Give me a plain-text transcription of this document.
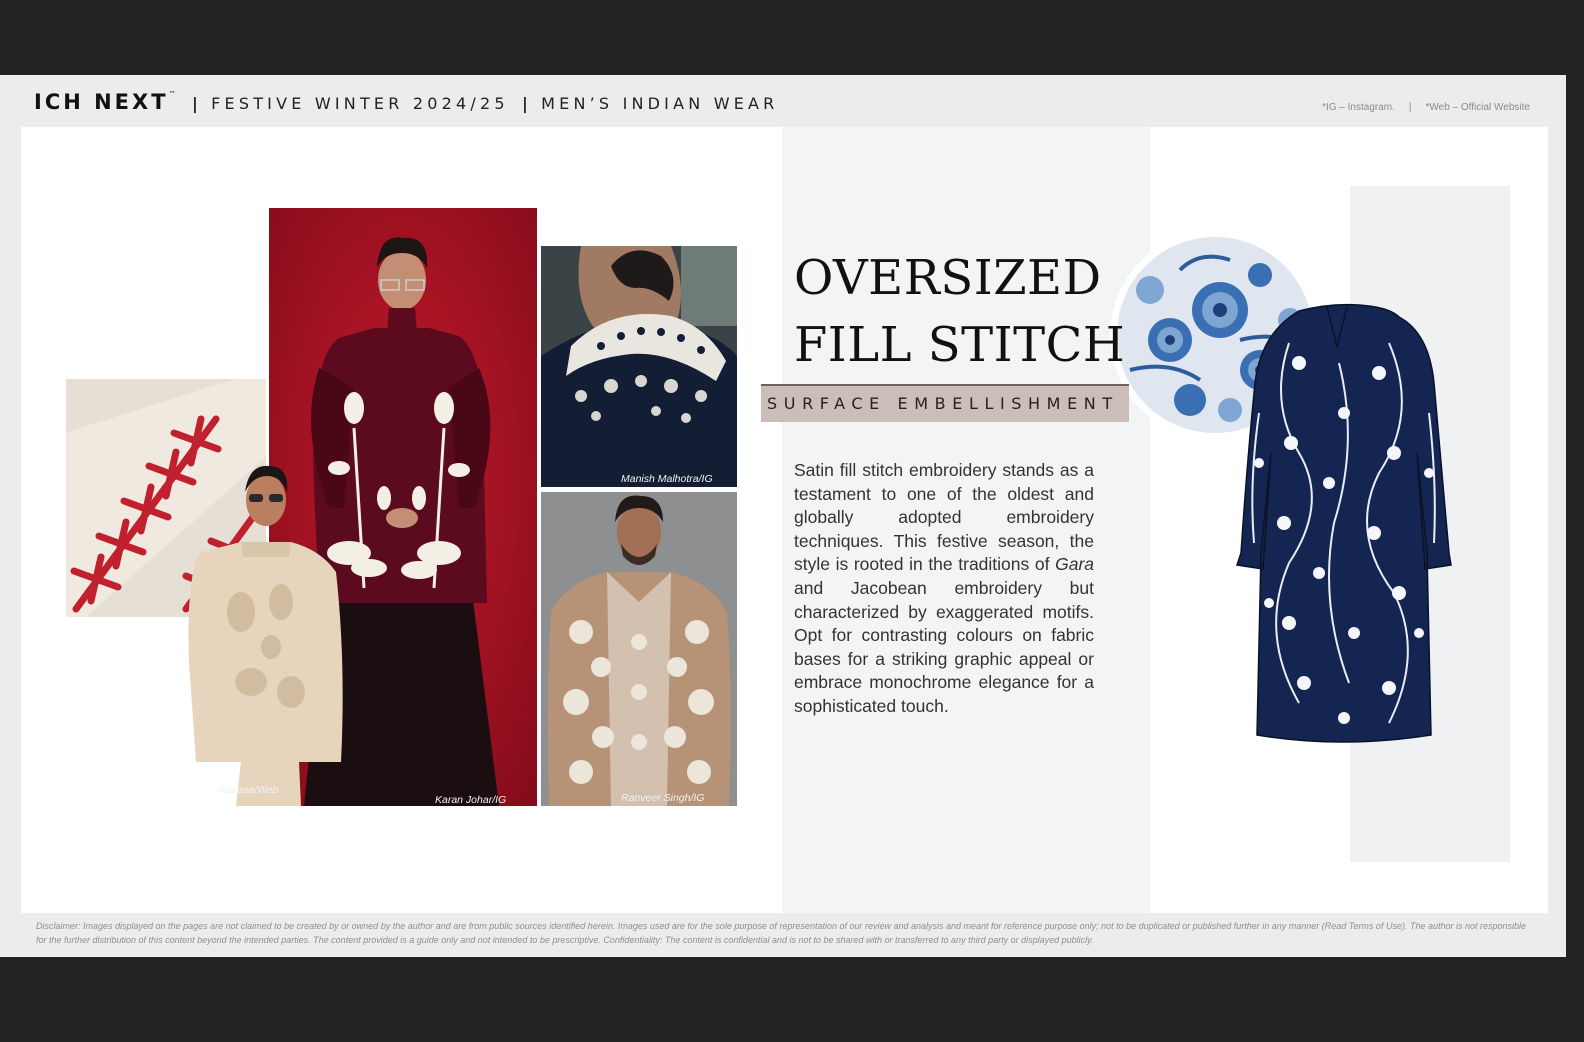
ICH NEXT™ | FESTIVE WINTER 2024/25 | MEN’S INDIAN WEAR	*IG – Instagram. | *Web – Official Website
Karan Johar/IG
Abkasa/Web
Manish Malhotra/IG
Ranveer Singh/IG
OVERSIZED
FILL STITCH
SURFACE EMBELLISHMENT
Satin fill stitch embroidery stands as a testament to one of the oldest and globally adopted embroidery techniques. This festive season, the style is rooted in the traditions of Gara and Jacobean embroidery but characterized by exaggerated motifs. Opt for contrasting colours on fabric bases for a striking graphic appeal or embrace monochrome elegance for a sophisticated touch.
Disclaimer: Images displayed on the pages are not claimed to be created by or owned by the author and are from public sources identified herein. Images used are for the sole purpose of representation of our review and analysis and meant for reference purpose only; not to be duplicated or published further in any manner (Read Terms of Use). The author is not responsible for the further distribution of this content beyond the intended parties. The content provided is a guide only and not intended to be prescriptive. Confidentiality: The content is confidential and is not to be shared with or transferred to any third party or displayed publicly.
